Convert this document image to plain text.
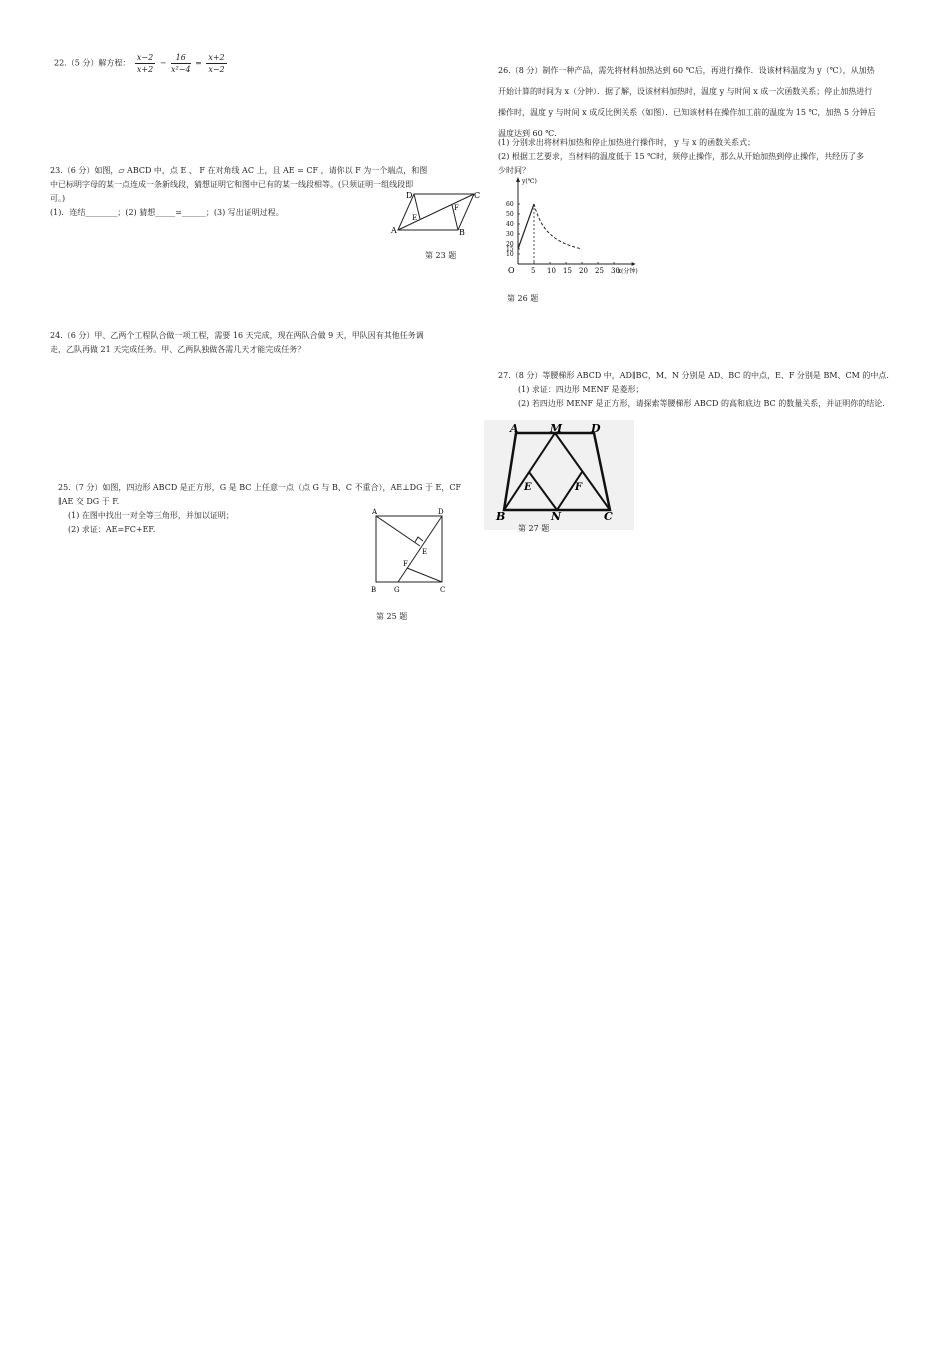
22.（5 分）解方程： $\frac{x-2}{x+2} - \frac{16}{\text{x²−4}} = \frac{x+2}{x-2}$

23.（6 分）如图，▱ ABCD 中，点 E 、 F 在对角线 AC 上，且 AE = CF ，请你以 F 为一个端点，和图

中已标明字母的某一点连成一条新线段，猜想证明它和图中已有的某一线段相等。(只须证明一组线段即

可。)

(1)．连结________；(2) 猜想_____=______；(3) 写出证明过程。

D	C
A	B
E
F
第 23 题

24.（6 分）甲、乙两个工程队合做一项工程，需要 16 天完成，现在两队合做 9 天，甲队因有其他任务调

走，乙队再做 21 天完成任务。甲、乙两队独做各需几天才能完成任务？

25.（7 分）如图，四边形 ABCD 是正方形，G 是 BC 上任意一点（点 G 与 B、C 不重合），AE⊥DG 于 E，CF

∥AE 交 DG 于 F.

(1) 在图中找出一对全等三角形，并加以证明；

(2) 求证：AE=FC+EF.

A	D
B	G	C
E
F
第 25 题

26.（8 分）制作一种产品，需先将材料加热达到 60 ℃后，再进行操作．设该材料温度为 y（℃），从加热

开始计算的时间为 x（分钟）．据了解，设该材料加热时，温度 y 与时间 x 成一次函数关系；停止加热进行

操作时，温度 y 与时间 x 成反比例关系（如图）．已知该材料在操作加工前的温度为 15 ℃，加热 5 分钟后

温度达到 60 ℃.

(1) 分别求出将材料加热和停止加热进行操作时， y 与 x 的函数关系式；

(2) 根据工艺要求，当材料的温度低于 15 ℃时，须停止操作，那么从开始加热到停止操作，共经历了多

少时间？

y(℃)
x(分钟)
O 5 10 15 20 25 30
10
15
20
30
40
50
60
第 26 题

27.（8 分）等腰梯形 ABCD 中，AD∥BC，M、N 分别是 AD、BC 的中点，E、F 分别是 BM、CM 的中点.

(1) 求证：四边形 MENF 是菱形；

(2) 若四边形 MENF 是正方形，请探索等腰梯形 ABCD 的高和底边 BC 的数量关系，并证明你的结论.

A	M	D
B	N	C
E	F
第 27 题
